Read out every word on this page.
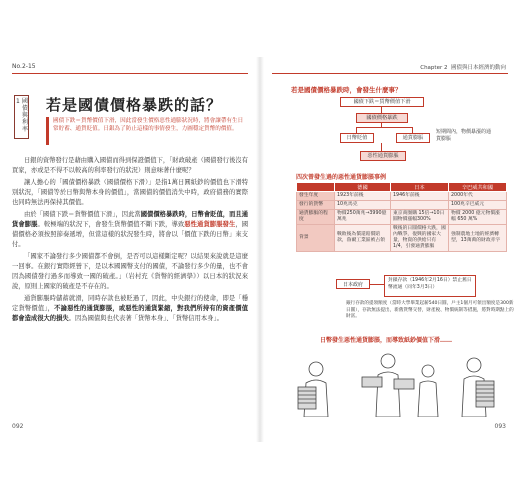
No.2-15
國債與利率
1 若是國債價格暴跌的話？
國債下跌＝貨幣價值下滑，因此當發生價格惡性通膨狀況時，將會讓帶有生日常貯蓄、通貨貶值。日銀為了防止這樣的事情發生，力圖穩定貨幣的價值。

日銀的資幣發行是藉由購入國債而得到保證價值下，「財政破產（國債發行後沒有買家，亦或是不得不以較高的利率發行的狀況）則意味著什麼呢？

讓人擔心的「國債價格暴跌（國債價格下滑）」是指1萬日圓紙鈔的價值也下滑特別狀況，「國債等於日幣與幣本身的價值」，當國債的價值消失中時，政府債務的實際也同時無法再保持其價值。

由於「國債下跌＝貨幣價值下滑」，因此當國債價格暴跌時，日幣會貶值，而且通貨會膨脹。較極端的狀況下，會發生貨幣價值不斷下跌，導致惡性通貨膨脹發生，國債價格必須按照節奏遞增，但當這樣的狀況發生時，將會以「價值下跌的日幣」來支付。

「國家不論發行多少國債都不會倒，是否可以這樣斷定呢？以結果來說就是這麼一回事。在銀行實際經營下，是以本國國幣支付的國債，不論發行多少的量，也不會因為國債發行過多而導致一國的破產。」（岩村充《貨幣的經濟學》）以日本的狀況來說，原則上國家的破產是不存在的。

通貨膨脹時儲蓄就滑，同時存款也被貶過了，因此，中央銀行的使命，即是「穩定貨幣價值」，不論惡性的通貨膨脹，或惡性的通貨緊縮，對我們所持有的資產價值都會造成很大的損失。因為國債與也代表著「貨幣本身」、「貨幣信用本身」。

092
Chapter 2 國債與日本經濟的動向
若是國債價格暴跌時，會發生什麼事？
國債下跌＝貨幣價值下滑
國債價格暴跌
日幣貶值	通貨膨脹
惡性通貨膨脹
短期間內，物價暴漲的通貨膨脹
四次曾發生過的惡性通貨膨脹事例
	德國	日本	辛巴威共和國
發生年度	1923年前後	1946年前後	2000年代
發行的貨幣	10兆馬克		100兆辛巴威元
通貨膨脹的程度	物價250萬兆→3990億萬兆	東京商圈購 15倍→10日圓物價漲幅300%	物價 2000 億元物價漲幅 650 萬%
背景	戰敗後為償還賠償賠款，魯爾工業區被占領	戰後的日圓價格大跌，國內戰爭，復興的國家大量，物資的供給只有1/4，引發通貨膨脹	強制農地土地的經濟轉型，13萬萬的財政赤字
日本政府
封鎖存款（1946年2月16日）禁止舊日幣流通（同年3月3日）
銀行存款的提領額度（當時大學畢業起薪540日圓，戶主1個月可領出額度是300新日圓），存款無法提出，新舊貨幣交替，財產稅、物價統制等措施，將對時期點上的財富。
日幣發生惡性通貨膨脹，而導致紙鈔價值下滑……
093
